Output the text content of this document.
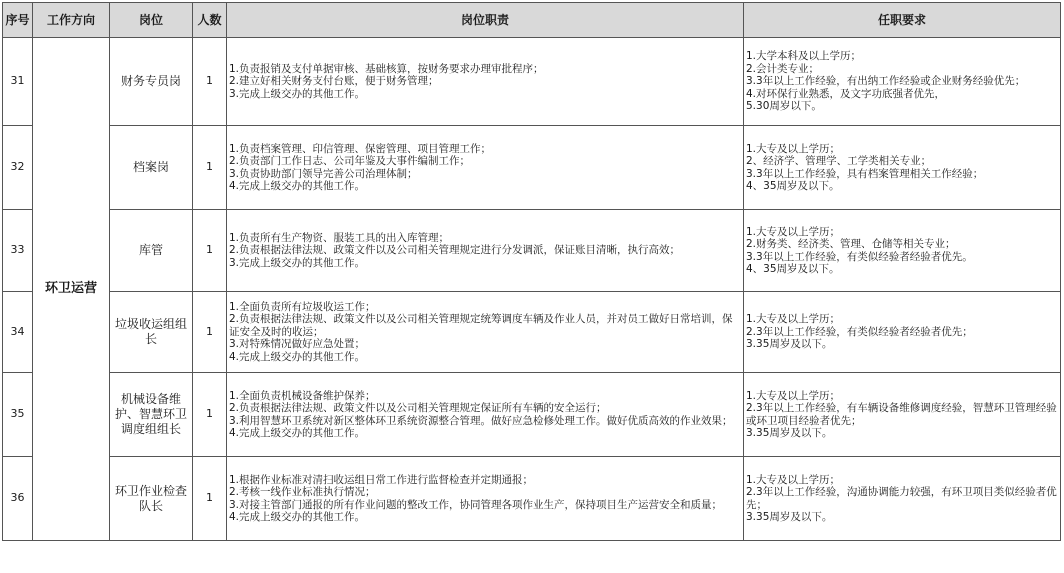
序号	工作方向	岗位	人数	岗位职责	任职要求
31	环卫运营	财务专员岗	1	1.负责报销及支付单据审核、基础核算，按财务要求办理审批程序；
2.建立好相关财务支付台账，便于财务管理；
3.完成上级交办的其他工作。	1.大学本科及以上学历；
2.会计类专业；
3.3年以上工作经验，有出纳工作经验或企业财务经验优先；
4.对环保行业熟悉，及文字功底强者优先，
5.30周岁以下。

32		档案岗	1	1.负责档案管理、印信管理、保密管理、项目管理工作；
2.负责部门工作日志、公司年鉴及大事件编制工作；
3.负责协助部门领导完善公司治理体制；
4.完成上级交办的其他工作。	1.大专及以上学历；
2、经济学、管理学、工学类相关专业；
3.3年以上工作经验，具有档案管理相关工作经验；
4、35周岁及以下。

33		库管	1	1.负责所有生产物资、服装工具的出入库管理；
2.负责根据法律法规、政策文件以及公司相关管理规定进行分发调派，保证账目清晰，执行高效；
3.完成上级交办的其他工作。	1.大专及以上学历；
2.财务类、经济类、管理、仓储等相关专业；
3.3年以上工作经验，有类似经验者经验者优先。
4、35周岁及以下。

34		垃圾收运组组长	1	1.全面负责所有垃圾收运工作；
2.负责根据法律法规、政策文件以及公司相关管理规定统筹调度车辆及作业人员，并对员工做好日常培训，保证安全及时的收运；
3.对特殊情况做好应急处置；
4.完成上级交办的其他工作。	1.大专及以上学历；
2.3年以上工作经验，有类似经验者经验者优先；
3.35周岁及以下。

35		机械设备维护、智慧环卫调度组组长	1	1.全面负责机械设备维护保养；
2.负责根据法律法规、政策文件以及公司相关管理规定保证所有车辆的安全运行；
3.利用智慧环卫系统对新区整体环卫系统资源整合管理。做好应急检修处理工作。做好优质高效的作业效果；
4.完成上级交办的其他工作。	1.大专及以上学历；
2.3年以上工作经验，有车辆设备维修调度经验，智慧环卫管理经验或环卫项目经验者优先；
3.35周岁及以下。

36		环卫作业检查队长	1	1.根据作业标准对清扫收运组日常工作进行监督检查并定期通报；
2.考核一线作业标准执行情况；
3.对接主管部门通报的所有作业问题的整改工作，协同管理各项作业生产，保持项目生产运营安全和质量；
4.完成上级交办的其他工作。	1.大专及以上学历；
2.3年以上工作经验，沟通协调能力较强，有环卫项目类似经验者优先；
3.35周岁及以下。
